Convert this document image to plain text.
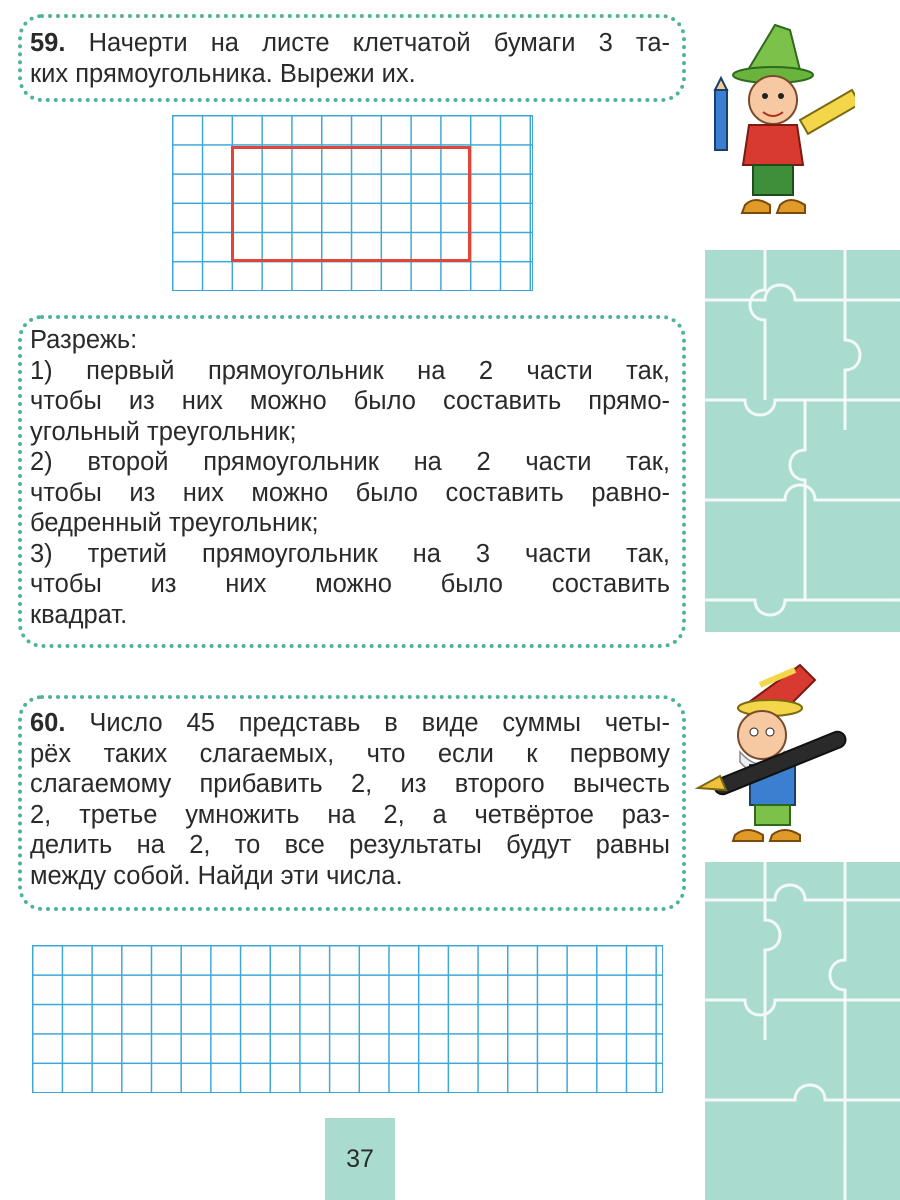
59. Начерти на листе клетчатой бумаги 3 та-
ких прямоугольника. Вырежи их.
Разрежь:
1) первый прямоугольник на 2 части так,
чтобы из них можно было составить прямо-
угольный треугольник;
2) второй прямоугольник на 2 части так,
чтобы из них можно было составить равно-
бедренный треугольник;
3) третий прямоугольник на 3 части так,
чтобы из них можно было составить
квадрат.
60. Число 45 представь в виде суммы четы-
рёх таких слагаемых, что если к первому
слагаемому прибавить 2, из второго вычесть
2, третье умножить на 2, а четвёртое раз-
делить на 2, то все результаты будут равны
между собой. Найди эти числа.
37
